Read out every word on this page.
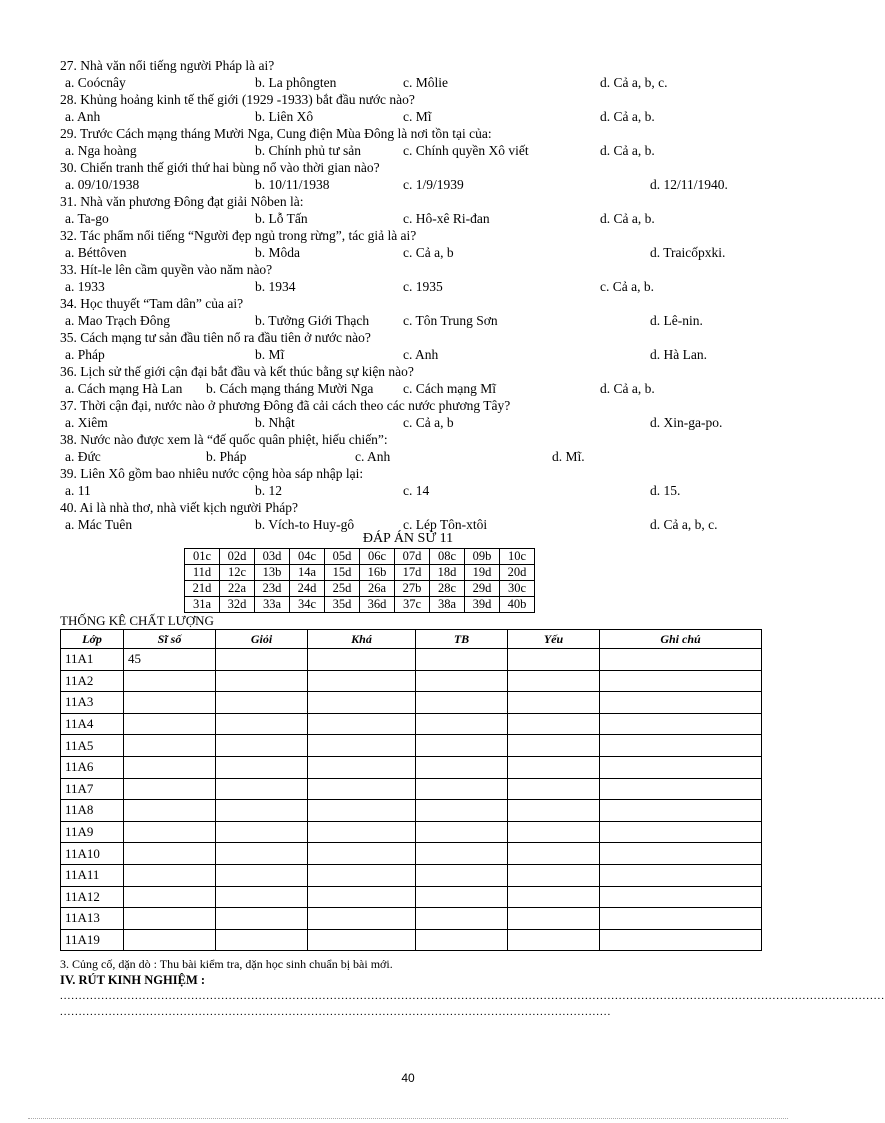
27. Nhà văn nổi tiếng người Pháp là ai?
a. Coócnây	b. La phôngten	c. Môlie	d. Cả a, b, c.
28. Khủng hoảng kinh tế thế giới (1929 -1933) bắt đầu nước nào?
a. Anh	b. Liên Xô	c. Mĩ	d. Cả a, b.
29. Trước Cách mạng tháng Mười Nga, Cung điện Mùa Đông là nơi tồn tại của:
a. Nga hoàng	b. Chính phủ tư sản	c. Chính quyền Xô viết	d. Cả a, b.
30. Chiến tranh thế giới thứ hai bùng nổ vào thời gian nào?
a. 09/10/1938	b. 10/11/1938	c. 1/9/1939	d. 12/11/1940.
31. Nhà văn phương Đông đạt giải Nôben là:
a. Ta-go	b. Lỗ Tấn	c. Hô-xê Ri-đan	d. Cả a, b.
32. Tác phẩm nổi tiếng “Người đẹp ngủ trong rừng”, tác giả là ai?
a. Béttôven	b. Môda	c. Cả a, b	d. Traicốpxki.
33. Hít-le lên cầm quyền vào năm nào?
a. 1933	b. 1934	c. 1935	c. Cả a, b.
34. Học thuyết “Tam dân” của ai?
a. Mao Trạch Đông	b. Tưởng Giới Thạch	c. Tôn Trung Sơn	d. Lê-nin.
35. Cách mạng tư sản đầu tiên nổ ra đầu tiên ở nước nào?
a. Pháp	b. Mĩ	c. Anh	d. Hà Lan.
36. Lịch sử thế giới cận đại bắt đầu và kết thúc bằng sự kiện nào?
a. Cách mạng Hà Lan b. Cách mạng tháng Mười Nga c. Cách mạng Mĩ	d. Cả a, b.
37. Thời cận đại, nước nào ở phương Đông đã cải cách theo các nước phương Tây?
a. Xiêm	b. Nhật	c. Cả a, b	d. Xin-ga-po.
38. Nước nào được xem là “đế quốc quân phiệt, hiếu chiến”:
a. Đức	b. Pháp	c. Anh	d. Mĩ.
39. Liên Xô gồm bao nhiêu nước cộng hòa sáp nhập lại:
a. 11	b. 12	c. 14	d. 15.
40. Ai là nhà thơ, nhà viết kịch người Pháp?
a. Mác Tuên	b. Vích-to Huy-gô	c. Lép Tôn-xtôi	d. Cả a, b, c.
ĐÁP ÁN SỬ 11
01c	02d	03d	04c	05d	06c	07d	08c	09b	10c
11d	12c	13b	14a	15d	16b	17d	18d	19d	20d
21d	22a	23d	24d	25d	26a	27b	28c	29d	30c
31a	32d	33a	34c	35d	36d	37c	38a	39d	40b
THỐNG KÊ CHẤT LƯỢNG
Lớp	Sĩ số	Giỏi	Khá	TB	Yếu	Ghi chú
11A1	45					
11A2						
11A3						
11A4						
11A5						
11A6						
11A7						
11A8						
11A9						
11A10						
11A11						
11A12						
11A13						
11A19						
3. Củng cố, dặn dò : Thu bài kiểm tra, dặn học sinh chuẩn bị bài mới.
IV. RÚT KINH NGHIỆM :
............................................................................................................................................................................................................................
...................................................................................................................................................
40
